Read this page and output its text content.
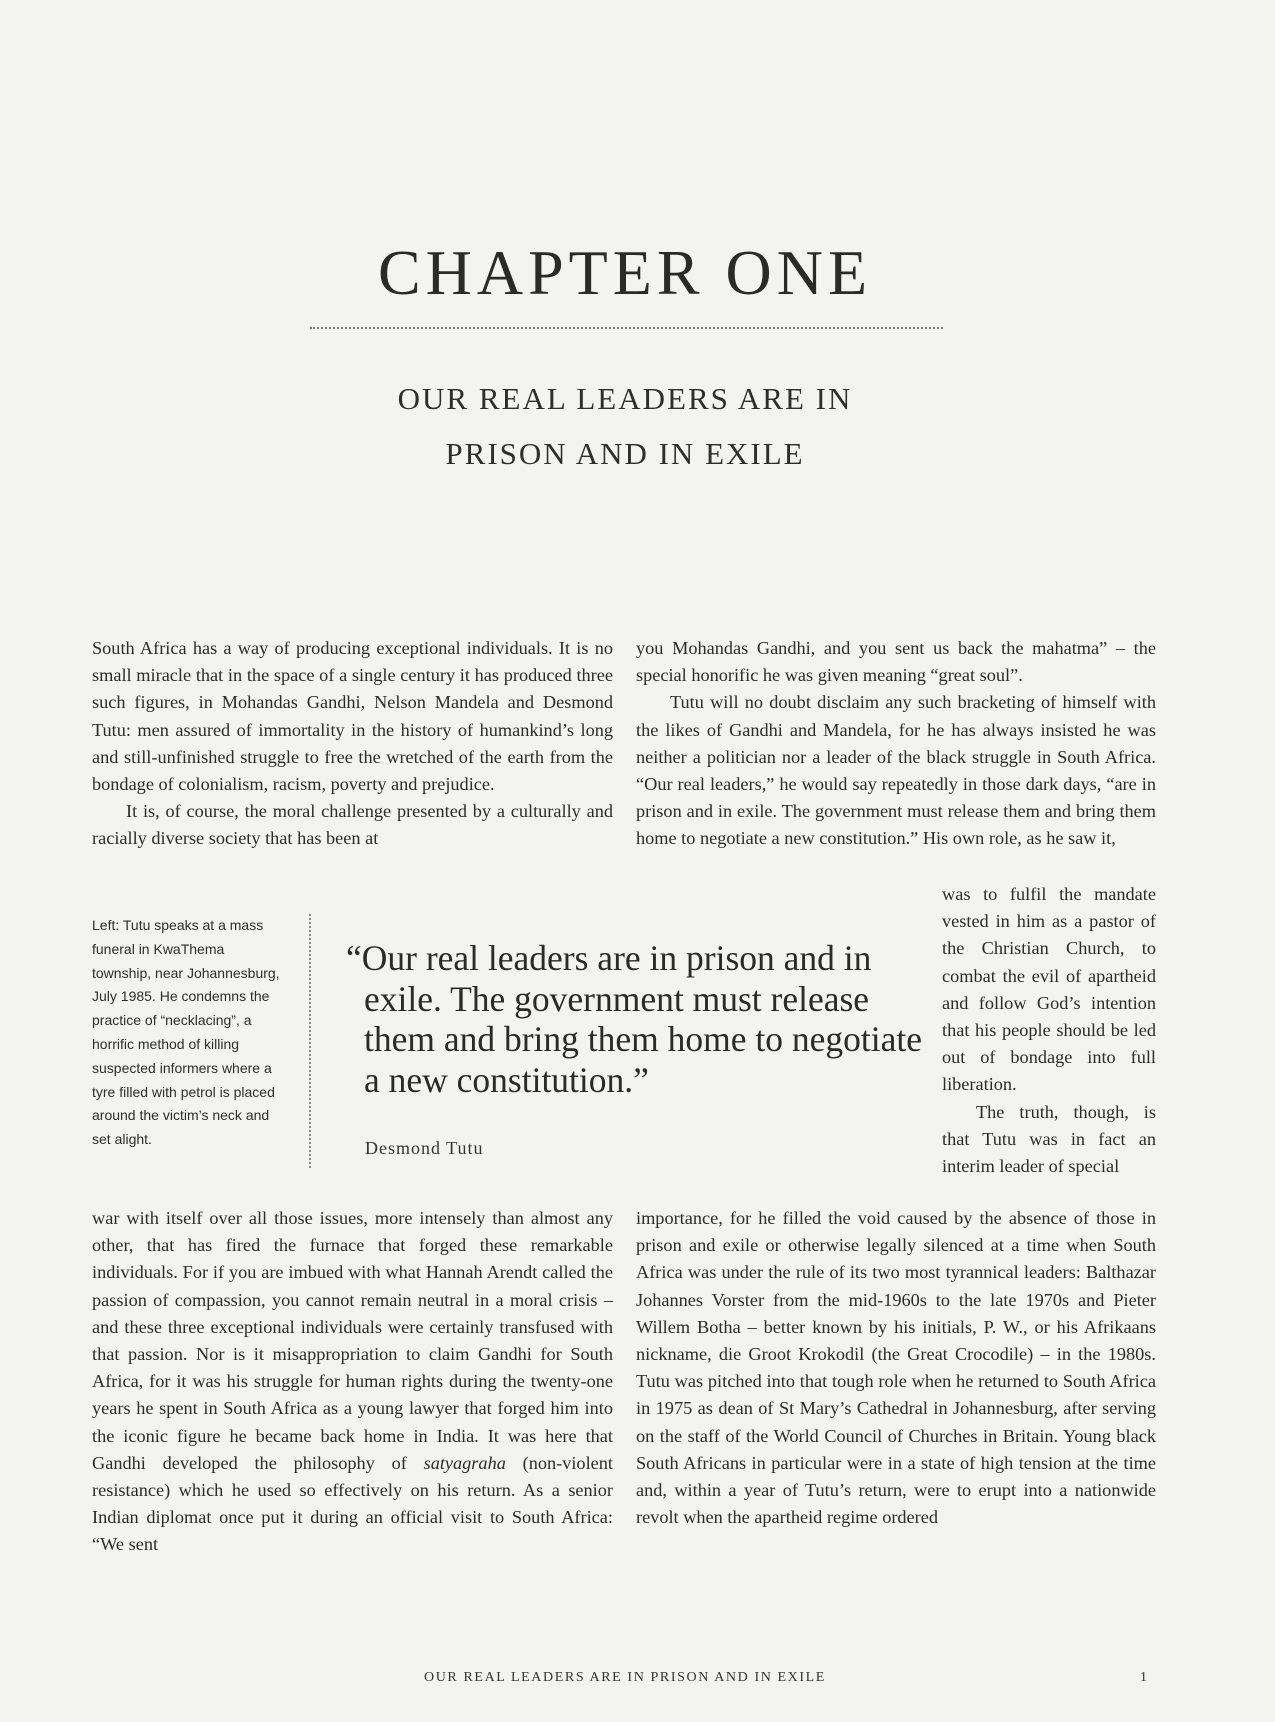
CHAPTER ONE
OUR REAL LEADERS ARE IN
PRISON AND IN EXILE

South Africa has a way of producing exceptional individuals. It is no small miracle that in the space of a single century it has produced three such figures, in Mohandas Gandhi, Nelson Mandela and Desmond Tutu: men assured of immortality in the history of humankind’s long and still-unfinished struggle to free the wretched of the earth from the bondage of colonialism, racism, poverty and prejudice.

It is, of course, the moral challenge presented by a culturally and racially diverse society that has been at

you Mohandas Gandhi, and you sent us back the mahatma” – the special honorific he was given meaning “great soul”.

Tutu will no doubt disclaim any such bracketing of himself with the likes of Gandhi and Mandela, for he has always insisted he was neither a politician nor a leader of the black struggle in South Africa. “Our real leaders,” he would say repeatedly in those dark days, “are in prison and in exile. The government must release them and bring them home to negotiate a new constitution.” His own role, as he saw it,

was to fulfil the mandate vested in him as a pastor of the Christian Church, to combat the evil of apartheid and follow God’s intention that his people should be led out of bondage into full liberation.

The truth, though, is that Tutu was in fact an interim leader of special

Left: Tutu speaks at a mass funeral in KwaThema township, near Johannesburg, July 1985. He condemns the practice of “necklacing”, a horrific method of killing suspected informers where a tyre filled with petrol is placed around the victim’s neck and set alight.
“Our real leaders are in prison and in exile. The government must release them and bring them home to negotiate a new constitution.”
Desmond Tutu

war with itself over all those issues, more intensely than almost any other, that has fired the furnace that forged these remarkable individuals. For if you are imbued with what Hannah Arendt called the passion of compassion, you cannot remain neutral in a moral crisis – and these three exceptional individuals were certainly transfused with that passion. Nor is it misappropriation to claim Gandhi for South Africa, for it was his struggle for human rights during the twenty-one years he spent in South Africa as a young lawyer that forged him into the iconic figure he became back home in India. It was here that Gandhi developed the philosophy of satyagraha (non-violent resistance) which he used so effectively on his return. As a senior Indian diplomat once put it during an official visit to South Africa: “We sent

importance, for he filled the void caused by the absence of those in prison and exile or otherwise legally silenced at a time when South Africa was under the rule of its two most tyrannical leaders: Balthazar Johannes Vorster from the mid-1960s to the late 1970s and Pieter Willem Botha – better known by his initials, P. W., or his Afrikaans nickname, die Groot Krokodil (the Great Crocodile) – in the 1980s. Tutu was pitched into that tough role when he returned to South Africa in 1975 as dean of St Mary’s Cathedral in Johannesburg, after serving on the staff of the World Council of Churches in Britain. Young black South Africans in particular were in a state of high tension at the time and, within a year of Tutu’s return, were to erupt into a nationwide revolt when the apartheid regime ordered

OUR REAL LEADERS ARE IN PRISON AND IN EXILE	1
